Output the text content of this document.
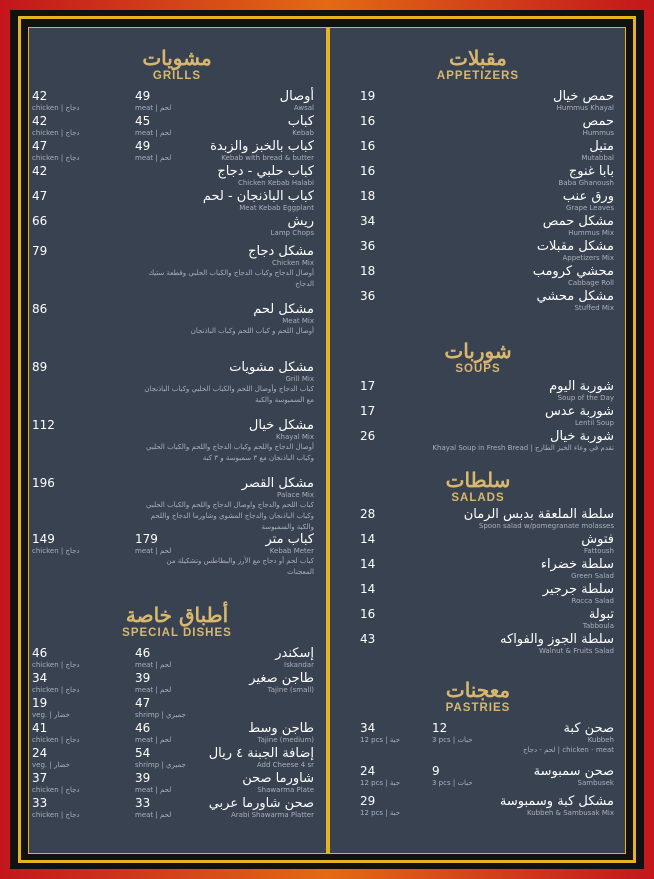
مشويات
GRILLS
أوصال
Awsal
42
chicken | دجاج
49
meat | لحم
كباب
Kebab
42
chicken | دجاج
45
meat | لحم
كباب بالخبز والزبدة
Kebab with bread & butter
47
chicken | دجاج
49
meat | لحم
كباب حلبي - دجاج
Chicken Kebab Halabi
42
كباب الباذنجان - لحم
Meat Kebab Eggplant
47
ريش
Lamp Chops
66
مشكل دجاج
Chicken Mix
أوصال الدجاج وكباب الدجاج والكباب الحلبي وقطعة ستيك الدجاج
79
مشكل لحم
Meat Mix
أوصال اللحم و كباب اللحم وكباب الباذنجان
86
مشكل مشويات
Grill Mix
كباب الدجاج وأوصال اللحم والكباب الحلبي وكباب الباذنجان مع السمبوسة والكبة
89
مشكل خيال
Khayal Mix
أوصال الدجاج واللحم وكباب الدجاج واللحم والكباب الحلبي وكباب الباذنجان مع ٣ سمبوسة و ٣ كبة
112
مشكل القصر
Palace Mix
كباب اللحم والدجاج واوصال الدجاج واللحم والكباب الحلبي وكباب الباذنجان والدجاج المشوي وشاورما الدجاج واللحم والكبة والسمبوسة
196
كباب متر
Kebab Meter
كباب لحم أو دجاج مع الأرز والبطاطس وتشكيلة من المعجنات
149
chicken | دجاج
179
meat | لحم
أطباق خاصة
SPECIAL DISHES
إسكندر
Iskandar
46
chicken | دجاج
46
meat | لحم
طاجن صغير
Tajine (small)
34
chicken | دجاج
39
meat | لحم
19
veg. | خضار
47
shrimp | جمبري
طاجن وسط
Tajine (medium)
41
chicken | دجاج
46
meat | لحم
إضافة الجبنة ٤ ريال
Add Cheese 4 sr
24
veg. | خضار
54
shrimp | جمبري
شاورما صحن
Shawarma Plate
37
chicken | دجاج
39
meat | لحم
صحن شاورما عربي
Arabi Shawarma Platter
33
chicken | دجاج
33
meat | لحم
مقبلات
APPETIZERS
حمص خيال
Hummus Khayal
19
حمص
Hummus
16
متبل
Mutabbal
16
بابا غنوج
Baba Ghanoush
16
ورق عنب
Grape Leaves
18
مشكل حمص
Hummus Mix
34
مشكل مقبلات
Appetizers Mix
36
محشي كرومب
Cabbage Roll
18
مشكل محشي
Stuffed Mix
36
شوربات
SOUPS
شوربة اليوم
Soup of the Day
17
شوربة عدس
Lentil Soup
17
شوربة خيال
Khayal Soup in Fresh Bread | تقدم في وعاء الخبز الطازج
26
سلطات
SALADS
سلطة الملعقة بدبس الرمان
Spoon salad w/pomegranate molasses
28
فتوش
Fattoush
14
سلطة خضراء
Green Salad
14
سلطة جرجير
Rocca Salad
14
تبولة
Tabboula
16
سلطة الجوز والفواكه
Walnut & Fruits Salad
43
معجنات
PASTRIES
صحن كبة
Kubbeh
chicken - meat | لحم - دجاج
34
12 pcs | حبة
12
3 pcs | حبات
صحن سمبوسة
Sambusek
24
12 pcs | حبة
9
3 pcs | حبات
مشكل كبة وسمبوسة
Kubbeh & Sambusak Mix
29
12 pcs | حبة
